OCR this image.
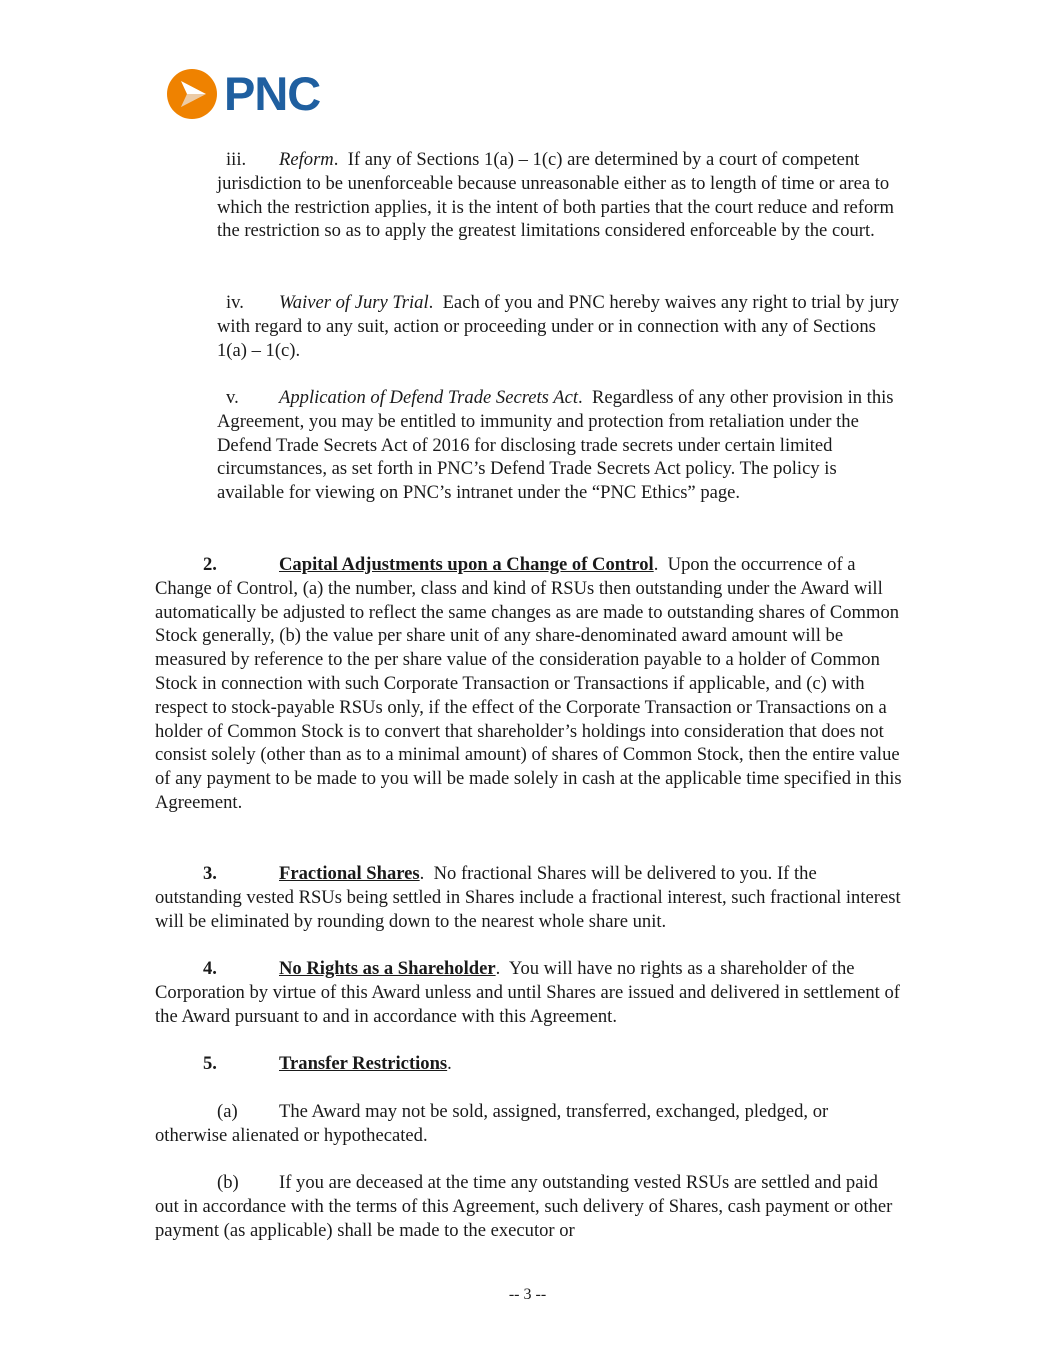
PNC

iii. Reform.  If any of Sections 1(a) – 1(c) are determined by a court of competent jurisdiction to be unenforceable because unreasonable either as to length of time or area to which the restriction applies, it is the intent of both parties that the court reduce and reform the restriction so as to apply the greatest limitations considered enforceable by the court.

iv. Waiver of Jury Trial.  Each of you and PNC hereby waives any right to trial by jury with regard to any suit, action or proceeding under or in connection with any of Sections 1(a) – 1(c).

v. Application of Defend Trade Secrets Act.  Regardless of any other provision in this Agreement, you may be entitled to immunity and protection from retaliation under the Defend Trade Secrets Act of 2016 for disclosing trade secrets under certain limited circumstances, as set forth in PNC’s Defend Trade Secrets Act policy. The policy is available for viewing on PNC’s intranet under the “PNC Ethics” page.

2.	Capital Adjustments upon a Change of Control.  Upon the occurrence of a Change of Control, (a) the number, class and kind of RSUs then outstanding under the Award will automatically be adjusted to reflect the same changes as are made to outstanding shares of Common Stock generally, (b) the value per share unit of any share-denominated award amount will be measured by reference to the per share value of the consideration payable to a holder of Common Stock in connection with such Corporate Transaction or Transactions if applicable, and (c) with respect to stock-payable RSUs only, if the effect of the Corporate Transaction or Transactions on a holder of Common Stock is to convert that shareholder’s holdings into consideration that does not consist solely (other than as to a minimal amount) of shares of Common Stock, then the entire value of any payment to be made to you will be made solely in cash at the applicable time specified in this Agreement.

3.	Fractional Shares.  No fractional Shares will be delivered to you. If the outstanding vested RSUs being settled in Shares include a fractional interest, such fractional interest will be eliminated by rounding down to the nearest whole share unit.

4.	No Rights as a Shareholder.  You will have no rights as a shareholder of the Corporation by virtue of this Award unless and until Shares are issued and delivered in settlement of the Award pursuant to and in accordance with this Agreement.

5.	Transfer Restrictions.

(a) The Award may not be sold, assigned, transferred, exchanged, pledged, or otherwise alienated or hypothecated.

(b) If you are deceased at the time any outstanding vested RSUs are settled and paid out in accordance with the terms of this Agreement, such delivery of Shares, cash payment or other payment (as applicable) shall be made to the executor or

-- 3 --
